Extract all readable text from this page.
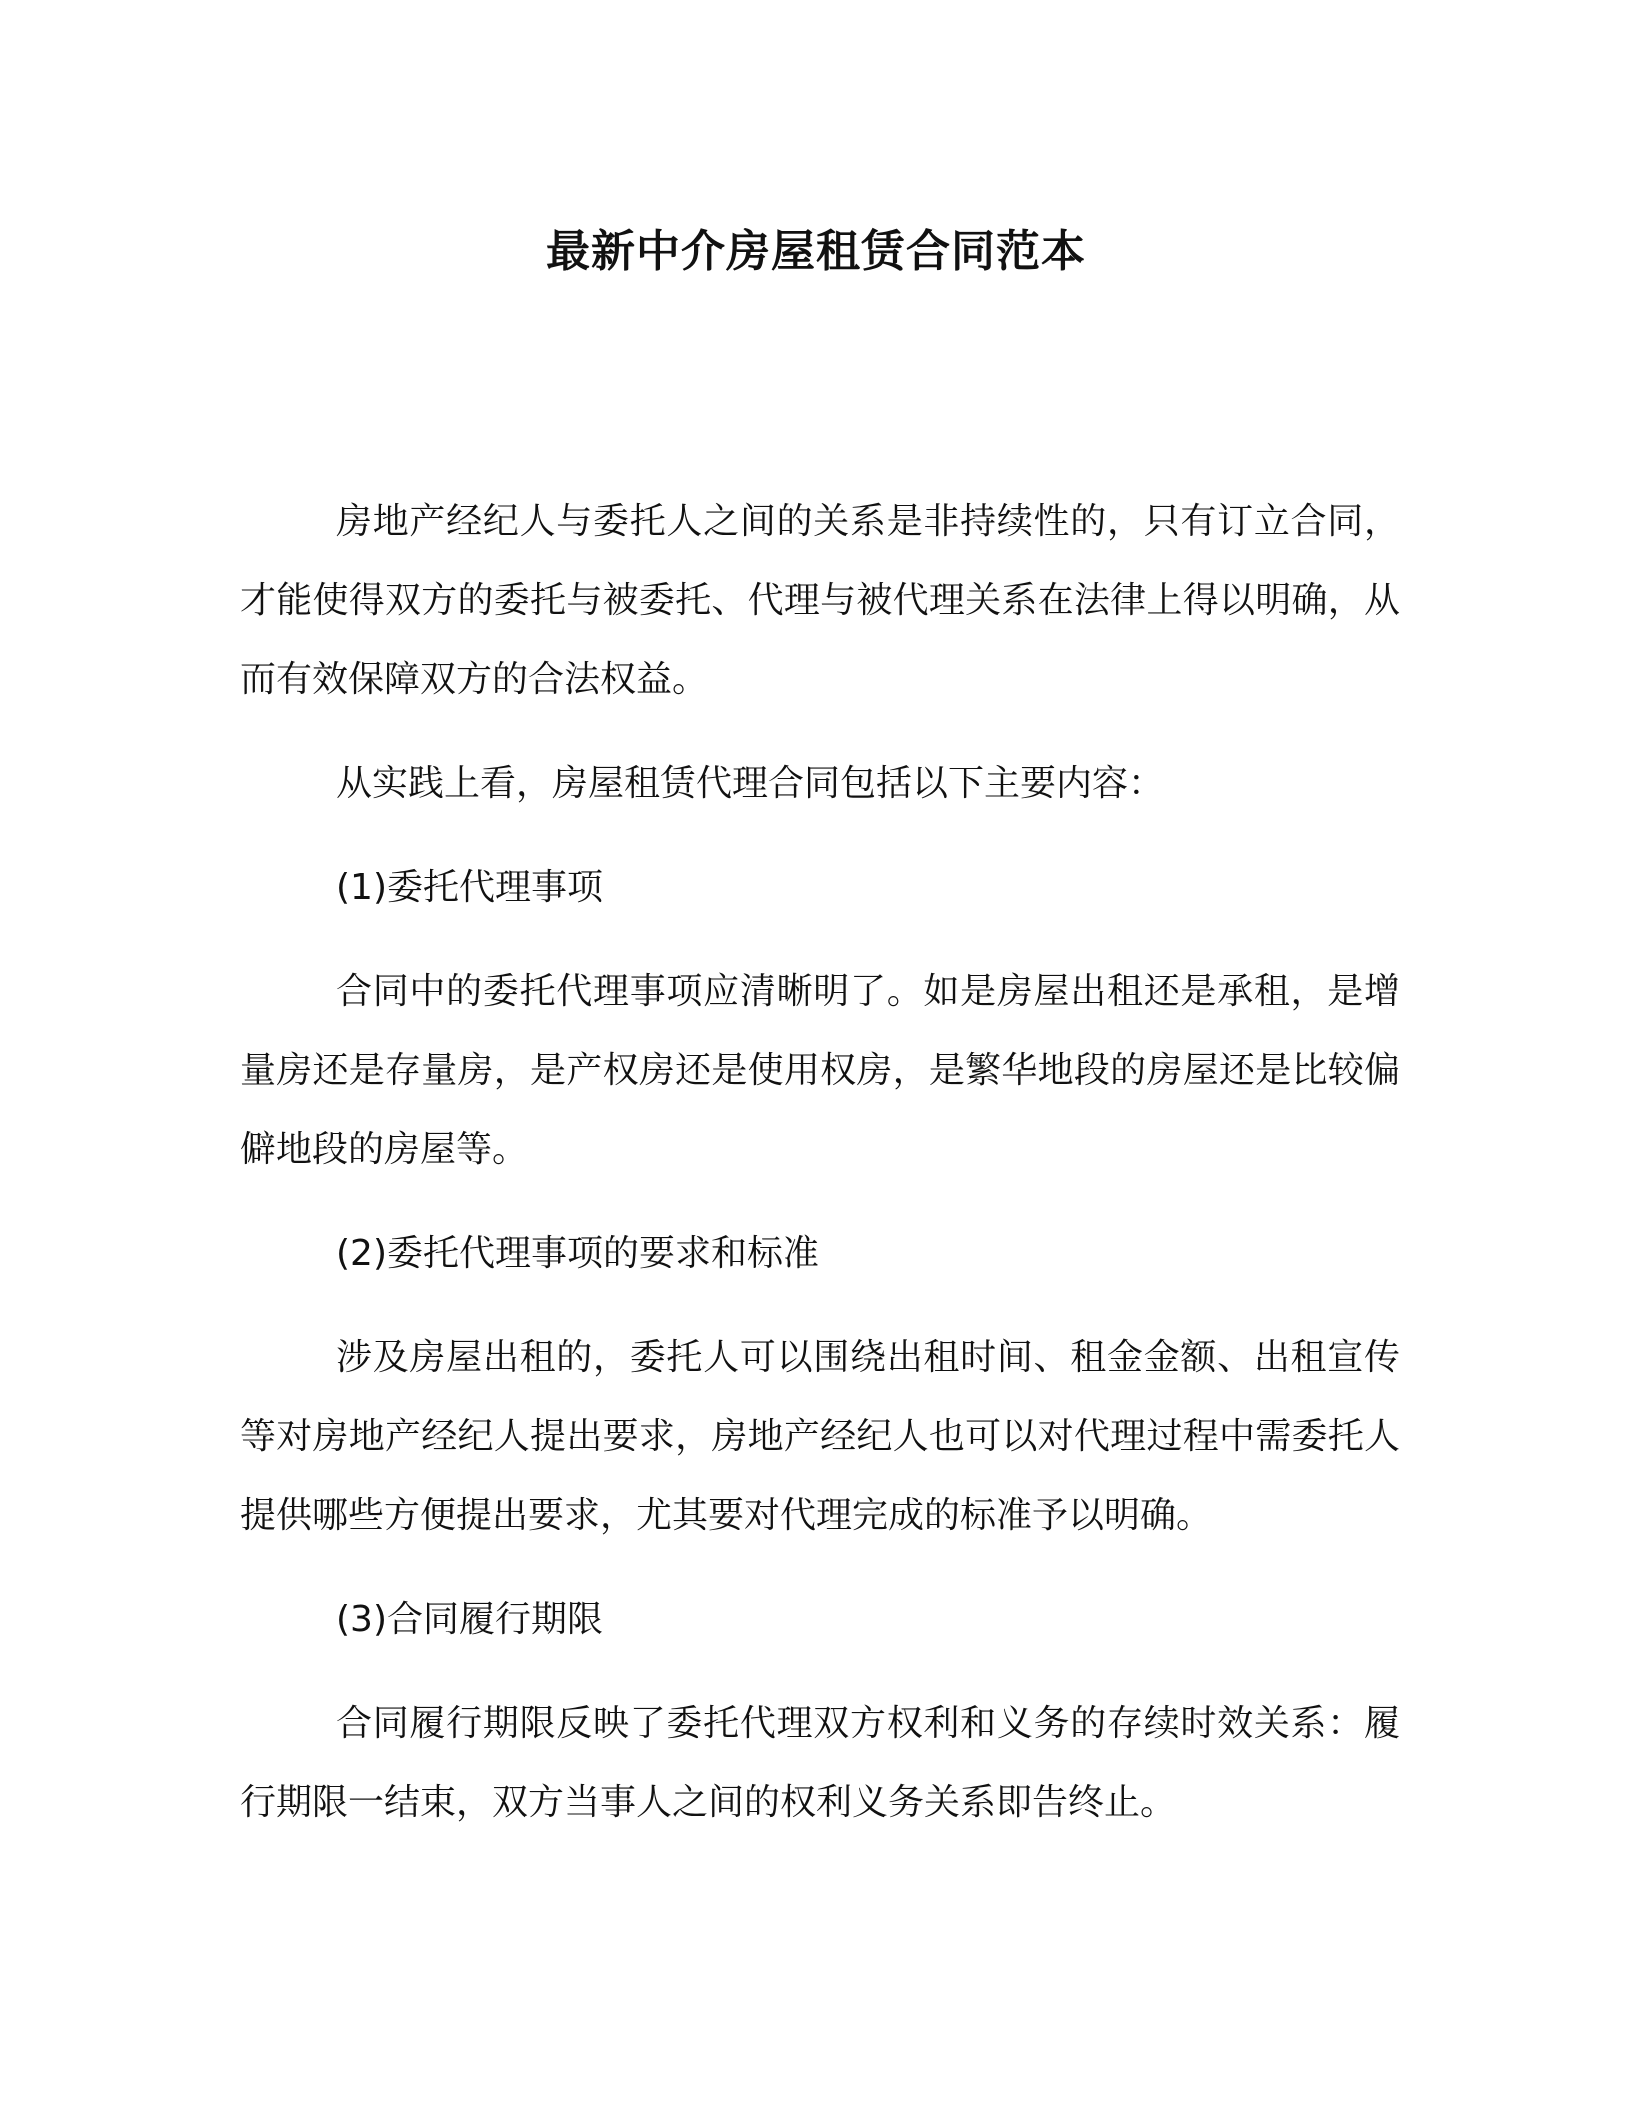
最新中介房屋租赁合同范本

房地产经纪人与委托人之间的关系是非持续性的，只有订立合同，才能使得双方的委托与被委托、代理与被代理关系在法律上得以明确，从而有效保障双方的合法权益。

从实践上看，房屋租赁代理合同包括以下主要内容：

(1)委托代理事项

合同中的委托代理事项应清晰明了。如是房屋出租还是承租，是增量房还是存量房，是产权房还是使用权房，是繁华地段的房屋还是比较偏僻地段的房屋等。

(2)委托代理事项的要求和标准

涉及房屋出租的，委托人可以围绕出租时间、租金金额、出租宣传等对房地产经纪人提出要求，房地产经纪人也可以对代理过程中需委托人提供哪些方便提出要求，尤其要对代理完成的标准予以明确。

(3)合同履行期限

合同履行期限反映了委托代理双方权利和义务的存续时效关系：履行期限一结束，双方当事人之间的权利义务关系即告终止。
